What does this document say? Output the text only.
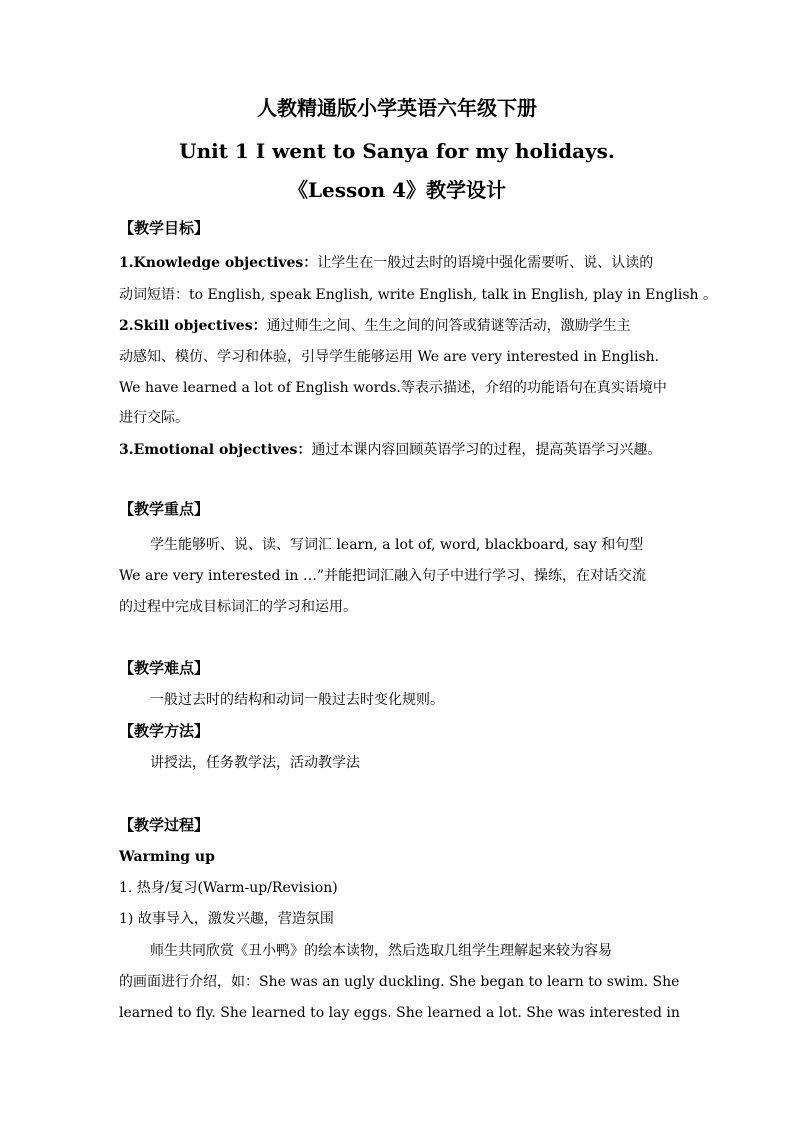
人教精通版小学英语六年级下册
Unit 1 I went to Sanya for my holidays.
《Lesson 4》教学设计
【教学目标】
1.Knowledge objectives：让学生在一般过去时的语境中强化需要听、说、认读的
动词短语：to English, speak English, write English, talk in English, play in English 。
2.Skill objectives：通过师生之间、生生之间的问答或猜谜等活动，激励学生主
动感知、模仿、学习和体验，引导学生能够运用 We are very interested in English.
We have learned a lot of English words.等表示描述，介绍的功能语句在真实语境中
进行交际。
3.Emotional objectives：通过本课内容回顾英语学习的过程，提高英语学习兴趣。
【教学重点】
学生能够听、说、读、写词汇 learn, a lot of, word, blackboard, say 和句型
We are very interested in …”并能把词汇融入句子中进行学习、操练，在对话交流
的过程中完成目标词汇的学习和运用。
【教学难点】
一般过去时的结构和动词一般过去时变化规则。
【教学方法】
讲授法，任务教学法，活动教学法
【教学过程】
Warming up
1. 热身/复习(Warm-up/Revision)
1) 故事导入，激发兴趣，营造氛围
师生共同欣赏《丑小鸭》的绘本读物，然后选取几组学生理解起来较为容易
的画面进行介绍，如：She was an ugly duckling. She began to learn to swim. She
learned to fly. She learned to lay eggs. She learned a lot. She was interested in
